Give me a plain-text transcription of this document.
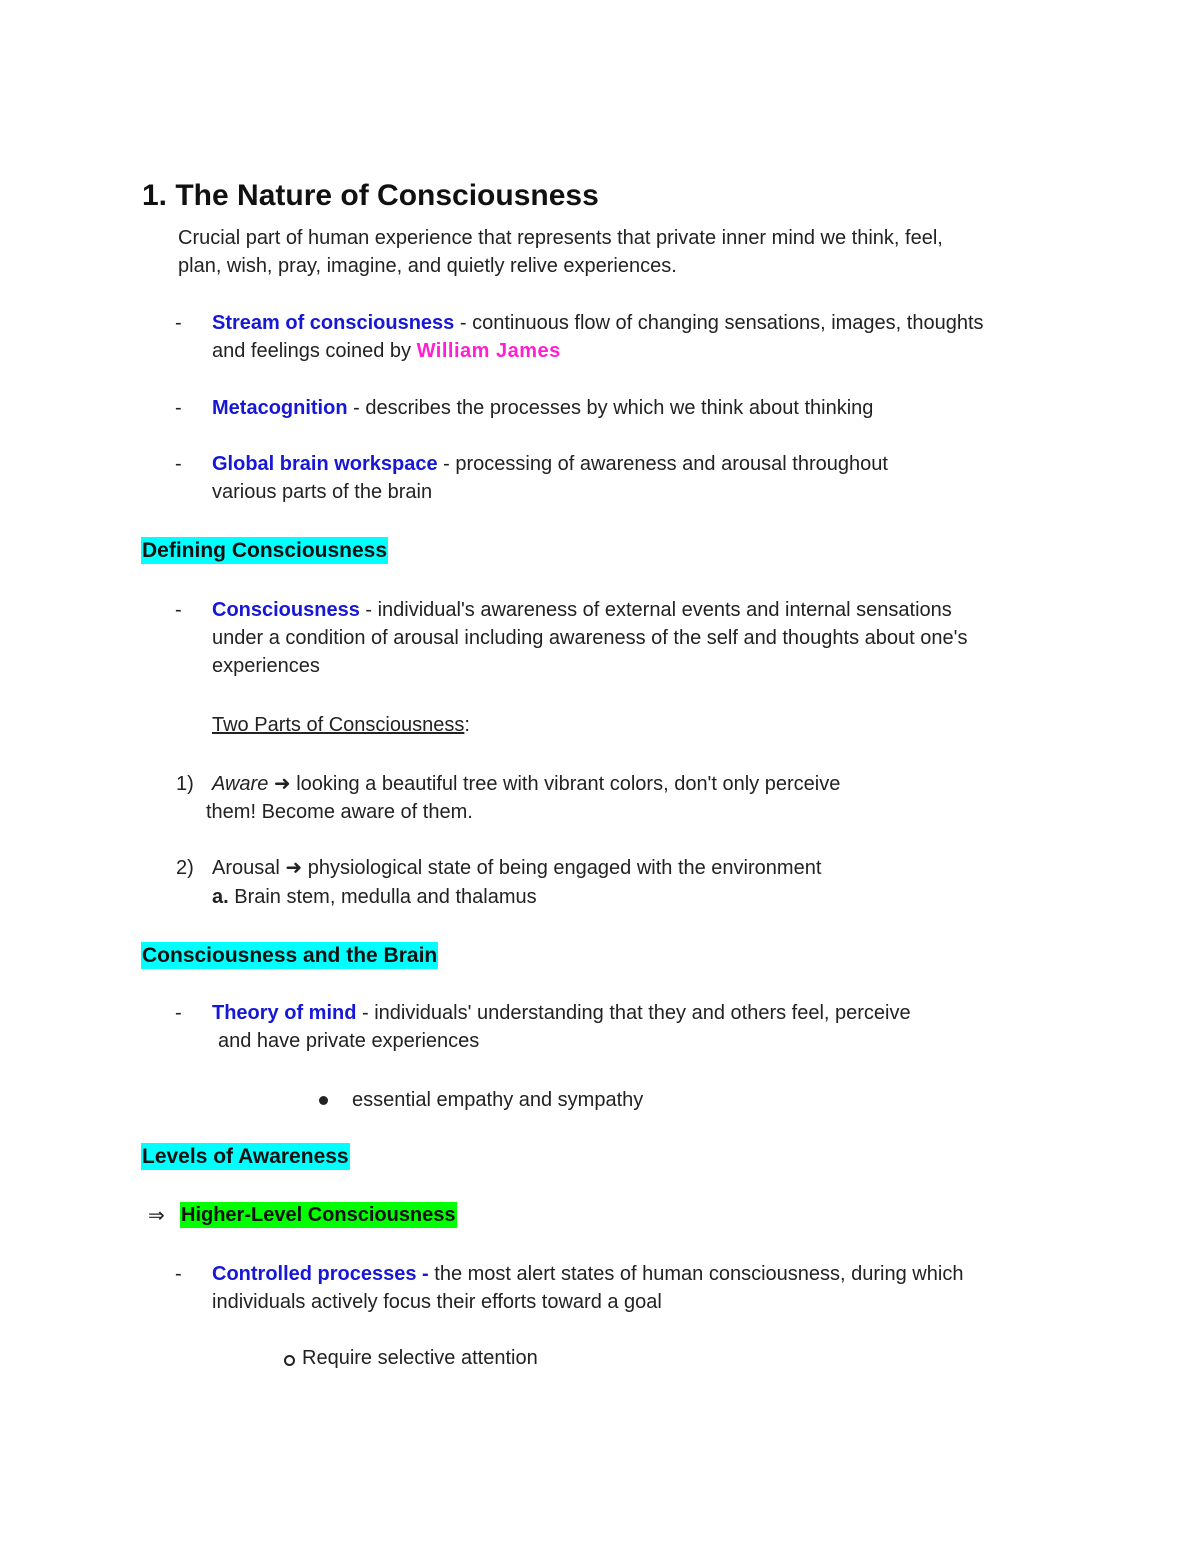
1. The Nature of Consciousness
Crucial part of human experience that represents that private inner mind we think, feel,
plan, wish, pray, imagine, and quietly relive experiences.
- Stream of consciousness - continuous flow of changing sensations, images, thoughts
and feelings coined by William James
- Metacognition - describes the processes by which we think about thinking
- Global brain workspace - processing of awareness and arousal throughout
various parts of the brain
Defining Consciousness
- Consciousness - individual's awareness of external events and internal sensations
under a condition of arousal including awareness of the self and thoughts about one's
experiences
Two Parts of Consciousness:
1) Aware ➜ looking a beautiful tree with vibrant colors, don't only perceive
them! Become aware of them.
2) Arousal ➜ physiological state of being engaged with the environment
a. Brain stem, medulla and thalamus
Consciousness and the Brain
- Theory of mind - individuals' understanding that they and others feel, perceive
and have private experiences
essential empathy and sympathy
Levels of Awareness
⇒ Higher-Level Consciousness
- Controlled processes - the most alert states of human consciousness, during which
individuals actively focus their efforts toward a goal
Require selective attention
